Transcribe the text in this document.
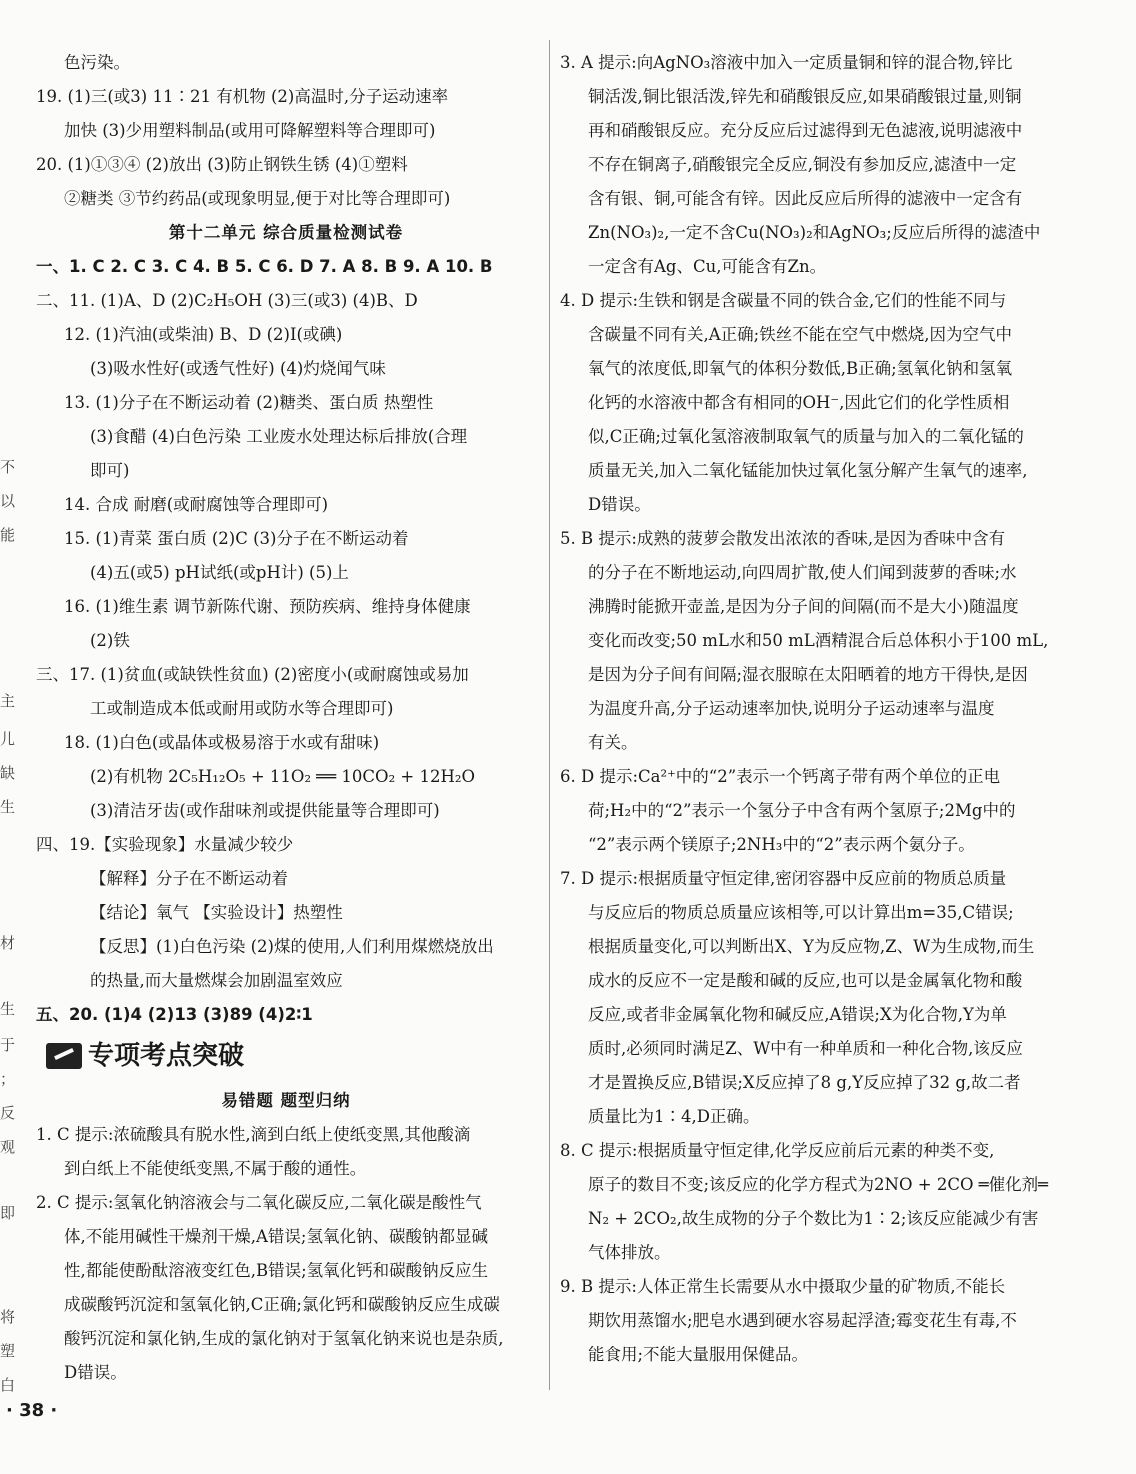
不
以
能
主
儿
缺
生
材
生
于
；
反
观
即
将
塑
白
色污染。
19. (1)三(或3) 11∶21 有机物 (2)高温时,分子运动速率
加快 (3)少用塑料制品(或用可降解塑料等合理即可)
20. (1)①③④ (2)放出 (3)防止钢铁生锈 (4)①塑料
②糖类 ③节约药品(或现象明显,便于对比等合理即可)
第十二单元 综合质量检测试卷
一、1. C 2. C 3. C 4. B 5. C 6. D 7. A 8. B 9. A 10. B
二、11. (1)A、D (2)C₂H₅OH (3)三(或3) (4)B、D
12. (1)汽油(或柴油) B、D (2)I(或碘)
(3)吸水性好(或透气性好) (4)灼烧闻气味
13. (1)分子在不断运动着 (2)糖类、蛋白质 热塑性
(3)食醋 (4)白色污染 工业废水处理达标后排放(合理
即可)
14. 合成 耐磨(或耐腐蚀等合理即可)
15. (1)青菜 蛋白质 (2)C (3)分子在不断运动着
(4)五(或5) pH试纸(或pH计) (5)上
16. (1)维生素 调节新陈代谢、预防疾病、维持身体健康
(2)铁
三、17. (1)贫血(或缺铁性贫血) (2)密度小(或耐腐蚀或易加
工或制造成本低或耐用或防水等合理即可)
18. (1)白色(或晶体或极易溶于水或有甜味)
(2)有机物 2C₅H₁₂O₅ + 11O₂ ══ 10CO₂ + 12H₂O
(3)清洁牙齿(或作甜味剂或提供能量等合理即可)
四、19.【实验现象】水量减少较少
【解释】分子在不断运动着
【结论】氧气 【实验设计】热塑性
【反思】(1)白色污染 (2)煤的使用,人们利用煤燃烧放出
的热量,而大量燃煤会加剧温室效应
五、20. (1)4 (2)13 (3)89 (4)2∶1
专项考点突破
易错题 题型归纳
1. C 提示:浓硫酸具有脱水性,滴到白纸上使纸变黑,其他酸滴
到白纸上不能使纸变黑,不属于酸的通性。
2. C 提示:氢氧化钠溶液会与二氧化碳反应,二氧化碳是酸性气
体,不能用碱性干燥剂干燥,A错误;氢氧化钠、碳酸钠都显碱
性,都能使酚酞溶液变红色,B错误;氢氧化钙和碳酸钠反应生
成碳酸钙沉淀和氢氧化钠,C正确;氯化钙和碳酸钠反应生成碳
酸钙沉淀和氯化钠,生成的氯化钠对于氢氧化钠来说也是杂质,
D错误。
3. A 提示:向AgNO₃溶液中加入一定质量铜和锌的混合物,锌比
铜活泼,铜比银活泼,锌先和硝酸银反应,如果硝酸银过量,则铜
再和硝酸银反应。充分反应后过滤得到无色滤液,说明滤液中
不存在铜离子,硝酸银完全反应,铜没有参加反应,滤渣中一定
含有银、铜,可能含有锌。因此反应后所得的滤液中一定含有
Zn(NO₃)₂,一定不含Cu(NO₃)₂和AgNO₃;反应后所得的滤渣中
一定含有Ag、Cu,可能含有Zn。
4. D 提示:生铁和钢是含碳量不同的铁合金,它们的性能不同与
含碳量不同有关,A正确;铁丝不能在空气中燃烧,因为空气中
氧气的浓度低,即氧气的体积分数低,B正确;氢氧化钠和氢氧
化钙的水溶液中都含有相同的OH⁻,因此它们的化学性质相
似,C正确;过氧化氢溶液制取氧气的质量与加入的二氧化锰的
质量无关,加入二氧化锰能加快过氧化氢分解产生氧气的速率,
D错误。
5. B 提示:成熟的菠萝会散发出浓浓的香味,是因为香味中含有
的分子在不断地运动,向四周扩散,使人们闻到菠萝的香味;水
沸腾时能掀开壶盖,是因为分子间的间隔(而不是大小)随温度
变化而改变;50 mL水和50 mL酒精混合后总体积小于100 mL,
是因为分子间有间隔;湿衣服晾在太阳晒着的地方干得快,是因
为温度升高,分子运动速率加快,说明分子运动速率与温度
有关。
6. D 提示:Ca²⁺中的“2”表示一个钙离子带有两个单位的正电
荷;H₂中的“2”表示一个氢分子中含有两个氢原子;2Mg中的
“2”表示两个镁原子;2NH₃中的“2”表示两个氨分子。
7. D 提示:根据质量守恒定律,密闭容器中反应前的物质总质量
与反应后的物质总质量应该相等,可以计算出m=35,C错误;
根据质量变化,可以判断出X、Y为反应物,Z、W为生成物,而生
成水的反应不一定是酸和碱的反应,也可以是金属氧化物和酸
反应,或者非金属氧化物和碱反应,A错误;X为化合物,Y为单
质时,必须同时满足Z、W中有一种单质和一种化合物,该反应
才是置换反应,B错误;X反应掉了8 g,Y反应掉了32 g,故二者
质量比为1∶4,D正确。
8. C 提示:根据质量守恒定律,化学反应前后元素的种类不变,
原子的数目不变;该反应的化学方程式为2NO + 2CO ═催化剂═
N₂ + 2CO₂,故生成物的分子个数比为1∶2;该反应能减少有害
气体排放。
9. B 提示:人体正常生长需要从水中摄取少量的矿物质,不能长
期饮用蒸馏水;肥皂水遇到硬水容易起浮渣;霉变花生有毒,不
能食用;不能大量服用保健品。
· 38 ·
